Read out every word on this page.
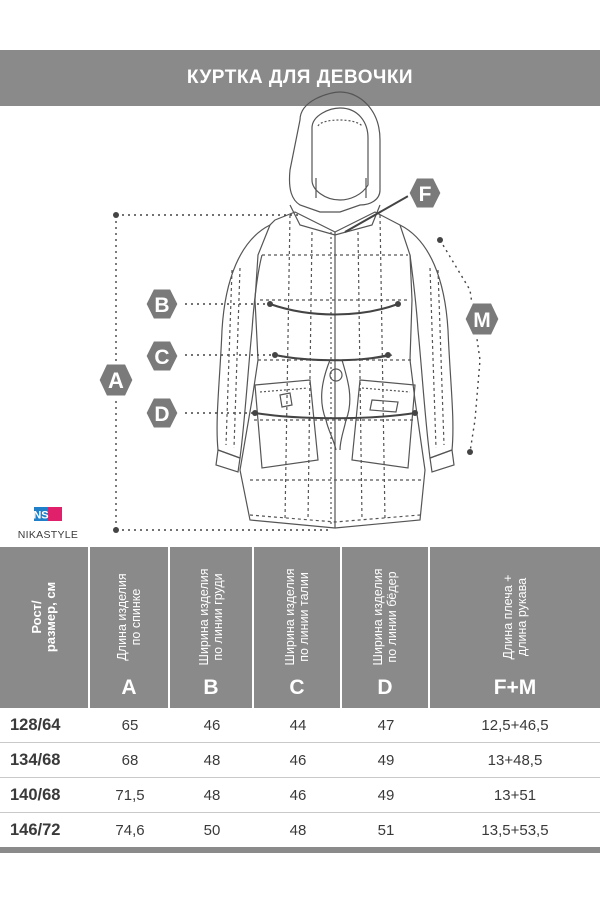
КУРТКА ДЛЯ ДЕВОЧКИ
A
B
C
D
F
M
NS
NIKASTYLE
Рост/
размер, см	Длина изделия
по спинке
A
Ширина изделия
по линии груди
B
Ширина изделия
по линии талии
C
Ширина изделия
по линии бёдер
D
Длина плеча +
длина рукава
F+M
128/64	65	46	44	47	12,5+46,5
134/68	68	48	46	49	13+48,5
140/68	71,5	48	46	49	13+51
146/72	74,6	50	48	51	13,5+53,5
